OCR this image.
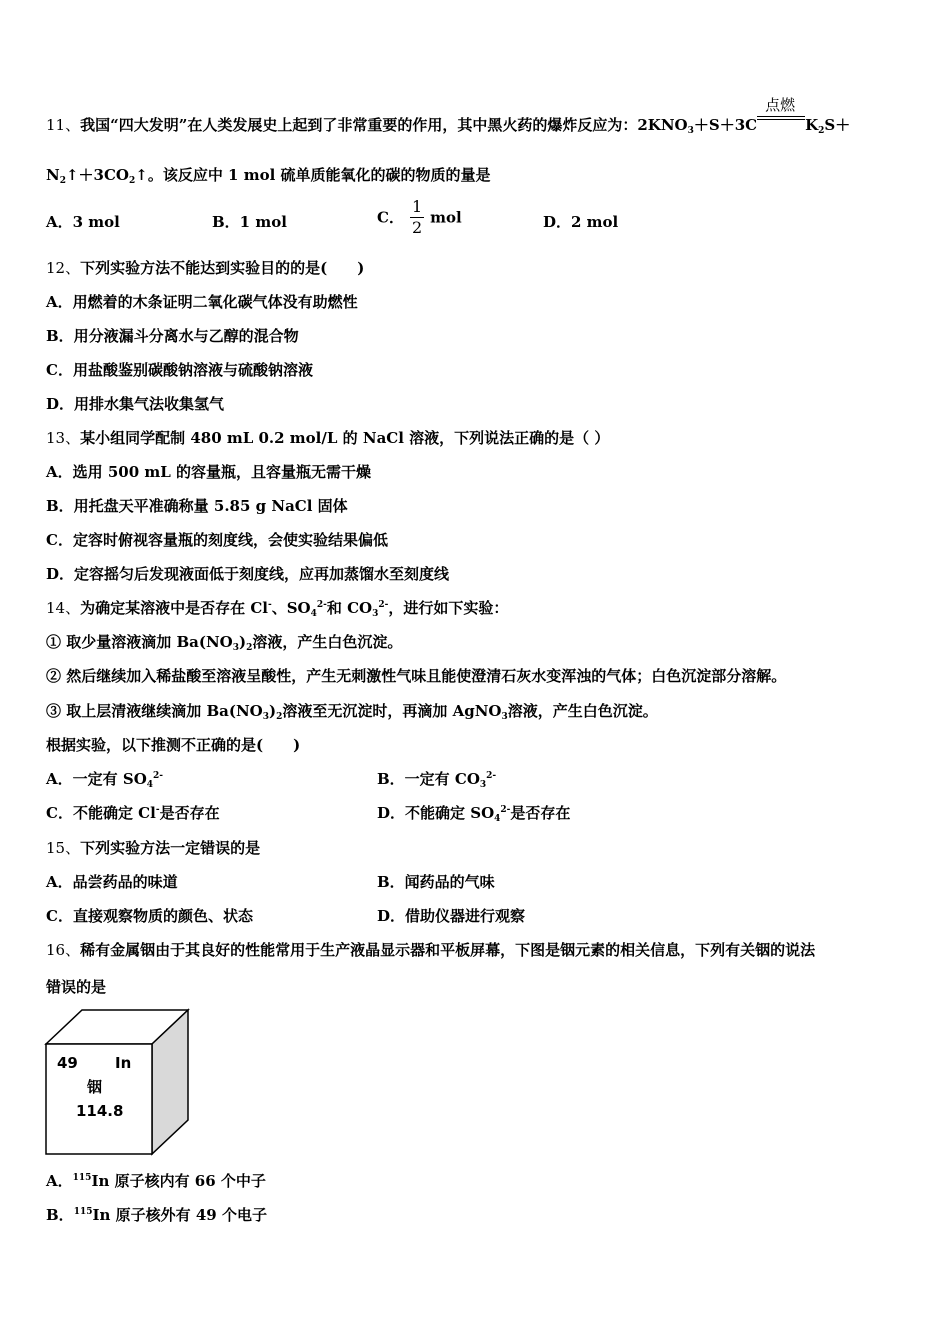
11、我国“四大发明”在人类发展史上起到了非常重要的作用，其中黑火药的爆炸反应为：$2KNO_3+S+3C$
点燃
$K_2S+$
$N_2↑+3CO_2↑$。该反应中 1 mol 硫单质能氧化的碳的物质的量是
A．3 mol	B．1 mol	C． $\frac{1}{2}$ mol	D．2 mol
12、下列实验方法不能达到实验目的的是(　　)
A．用燃着的木条证明二氧化碳气体没有助燃性
B．用分液漏斗分离水与乙醇的混合物
C．用盐酸鉴别碳酸钠溶液与硫酸钠溶液
D．用排水集气法收集氢气
13、某小组同学配制 480 mL 0.2 mol/L 的 NaCl 溶液，下列说法正确的是（ ）
A．选用 500 mL 的容量瓶，且容量瓶无需干燥
B．用托盘天平准确称量 5.85 g NaCl 固体
C．定容时俯视容量瓶的刻度线，会使实验结果偏低
D．定容摇匀后发现液面低于刻度线，应再加蒸馏水至刻度线
14、为确定某溶液中是否存在 Cl-、$SO_4^{2-}$和 $CO_3^{2-}$，进行如下实验：
① 取少量溶液滴加 $Ba(NO_3)_2$溶液，产生白色沉淀。
② 然后继续加入稀盐酸至溶液呈酸性，产生无刺激性气味且能使澄清石灰水变浑浊的气体；白色沉淀部分溶解。
③ 取上层清液继续滴加 $Ba(NO_3)_2$溶液至无沉淀时，再滴加 AgNO$_3$溶液，产生白色沉淀。
根据实验，以下推测不正确的是(　　)
A．一定有 $SO_4^{2-}$	B．一定有 $CO_3^{2-}$
C．不能确定 Cl-是否存在	D．不能确定 $SO_4^{2-}$是否存在
15、下列实验方法一定错误的是
A．品尝药品的味道	B．闻药品的气味
C．直接观察物质的颜色、状态	D．借助仪器进行观察
16、稀有金属铟由于其良好的性能常用于生产液晶显示器和平板屏幕，下图是铟元素的相关信息，下列有关铟的说法
错误的是
49 In
铟
114.8
A．$^{115}$In 原子核内有 66 个中子
B．$^{115}$In 原子核外有 49 个电子
